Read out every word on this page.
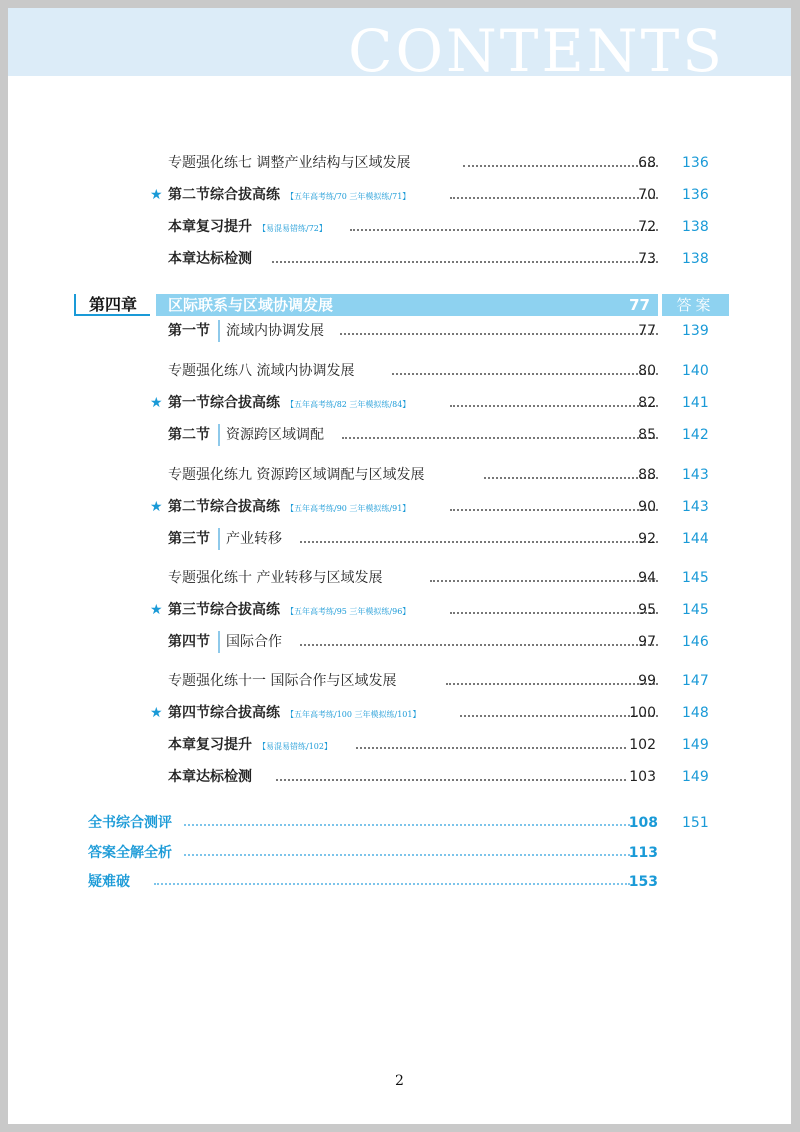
CONTENTS
专题强化练七 调整产业结构与区域发展	68 136
★ 第二节综合拔高练 【五年高考练/70 三年模拟练/71】	70 136
本章复习提升 【易混易错练/72】	72 138
本章达标检测	73 138
第四章	区际联系与区域协调发展	77	答案
第一节 流域内协调发展	77 139
专题强化练八 流域内协调发展	80 140
★ 第一节综合拔高练 【五年高考练/82 三年模拟练/84】	82 141
第二节 资源跨区域调配	85 142
专题强化练九 资源跨区域调配与区域发展	88 143
★ 第二节综合拔高练 【五年高考练/90 三年模拟练/91】	90 143
第三节 产业转移	92 144
专题强化练十 产业转移与区域发展	94 145
★ 第三节综合拔高练 【五年高考练/95 三年模拟练/96】	95 145
第四节 国际合作	97 146
专题强化练十一 国际合作与区域发展	99 147
★ 第四节综合拔高练 【五年高考练/100 三年模拟练/101】	100 148
本章复习提升 【易混易错练/102】	102 149
本章达标检测	103 149
全书综合测评	108 151
答案全解全析	113
疑难破	153
2
